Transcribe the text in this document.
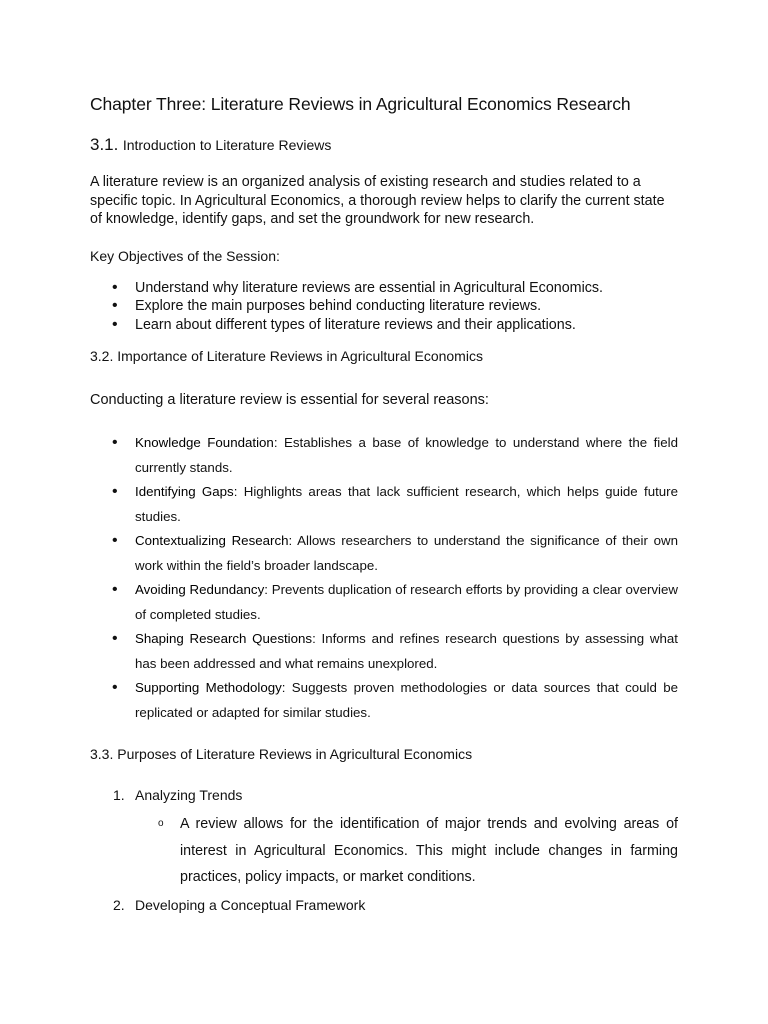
Chapter Three: Literature Reviews in Agricultural Economics Research
3.1. Introduction to Literature Reviews

A literature review is an organized analysis of existing research and studies related to a specific topic. In Agricultural Economics, a thorough review helps to clarify the current state of knowledge, identify gaps, and set the groundwork for new research.

Key Objectives of the Session:
• Understand why literature reviews are essential in Agricultural Economics.
• Explore the main purposes behind conducting literature reviews.
• Learn about different types of literature reviews and their applications.
3.2. Importance of Literature Reviews in Agricultural Economics
Conducting a literature review is essential for several reasons:
• Knowledge Foundation: Establishes a base of knowledge to understand where the field currently stands.
• Identifying Gaps: Highlights areas that lack sufficient research, which helps guide future studies.
• Contextualizing Research: Allows researchers to understand the significance of their own work within the field’s broader landscape.
• Avoiding Redundancy: Prevents duplication of research efforts by providing a clear overview of completed studies.
• Shaping Research Questions: Informs and refines research questions by assessing what has been addressed and what remains unexplored.
• Supporting Methodology: Suggests proven methodologies or data sources that could be replicated or adapted for similar studies.
3.3. Purposes of Literature Reviews in Agricultural Economics
1. Analyzing Trends
o A review allows for the identification of major trends and evolving areas of interest in Agricultural Economics. This might include changes in farming practices, policy impacts, or market conditions.
2. Developing a Conceptual Framework
